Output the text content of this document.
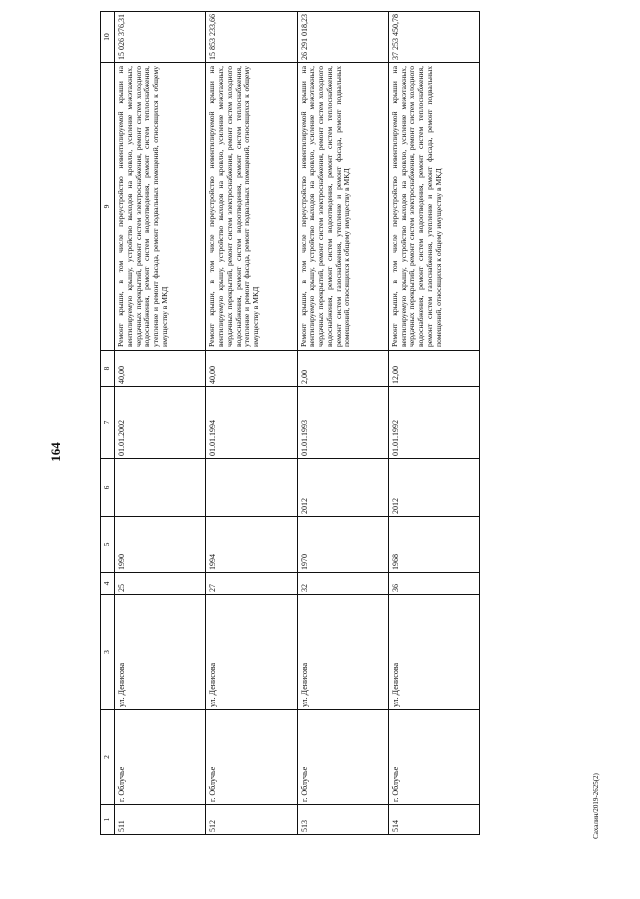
164
1	2	3	4	5	6	7	8	9	10
511	г. Облучье	ул. Денисова	25	1990		01.01.2002	40,00	Ремонт крыши, в том числе переустройство невентилируемой крыши на вентилируемую крышу, устройство выходов на кровлю, усиление межэтажных, чердачных перекрытий, ремонт систем электроснабжения, ремонт систем холодного водоснабжения, ремонт систем водоотведения, ремонт систем теплоснабжения, утепление и ремонт фасада, ремонт подвальных помещений, относящихся к общему имуществу в МКД	15 026 376,31
512	г. Облучье	ул. Денисова	27	1994		01.01.1994	40,00	Ремонт крыши, в том числе переустройство невентилируемой крыши на вентилируемую крышу, устройство выходов на кровлю, усиление межэтажных, чердачных перекрытий, ремонт систем электроснабжения, ремонт систем холодного водоснабжения, ремонт систем водоотведения, ремонт систем теплоснабжения, утепление и ремонт фасада, ремонт подвальных помещений, относящихся к общему имуществу в МКД	15 853 233,66
513	г. Облучье	ул. Денисова	32	1970	2012	01.01.1993	2,00	Ремонт крыши, в том числе переустройство невентилируемой крыши на вентилируемую крышу, устройство выходов на кровлю, усиление межэтажных, чердачных перекрытий, ремонт систем электроснабжения, ремонт систем холодного водоснабжения, ремонт систем водоотведения, ремонт систем теплоснабжения, ремонт систем газоснабжения, утепление и ремонт фасада, ремонт подвальных помещений, относящихся к общему имуществу в МКД	26 291 018,23
514	г. Облучье	ул. Денисова	36	1968	2012	01.01.1992	12,00	Ремонт крыши, в том числе переустройство невентилируемой крыши на вентилируемую крышу, устройство выходов на кровлю, усиление межэтажных, чердачных перекрытий, ремонт систем электроснабжения, ремонт систем холодного водоснабжения, ремонт систем водоотведения, ремонт систем теплоснабжения, ремонт систем газоснабжения, утепление и ремонт фасада, ремонт подвальных помещений, относящихся к общему имуществу в МКД	37 253 450,78
Сахалин/2019-2625(2)
